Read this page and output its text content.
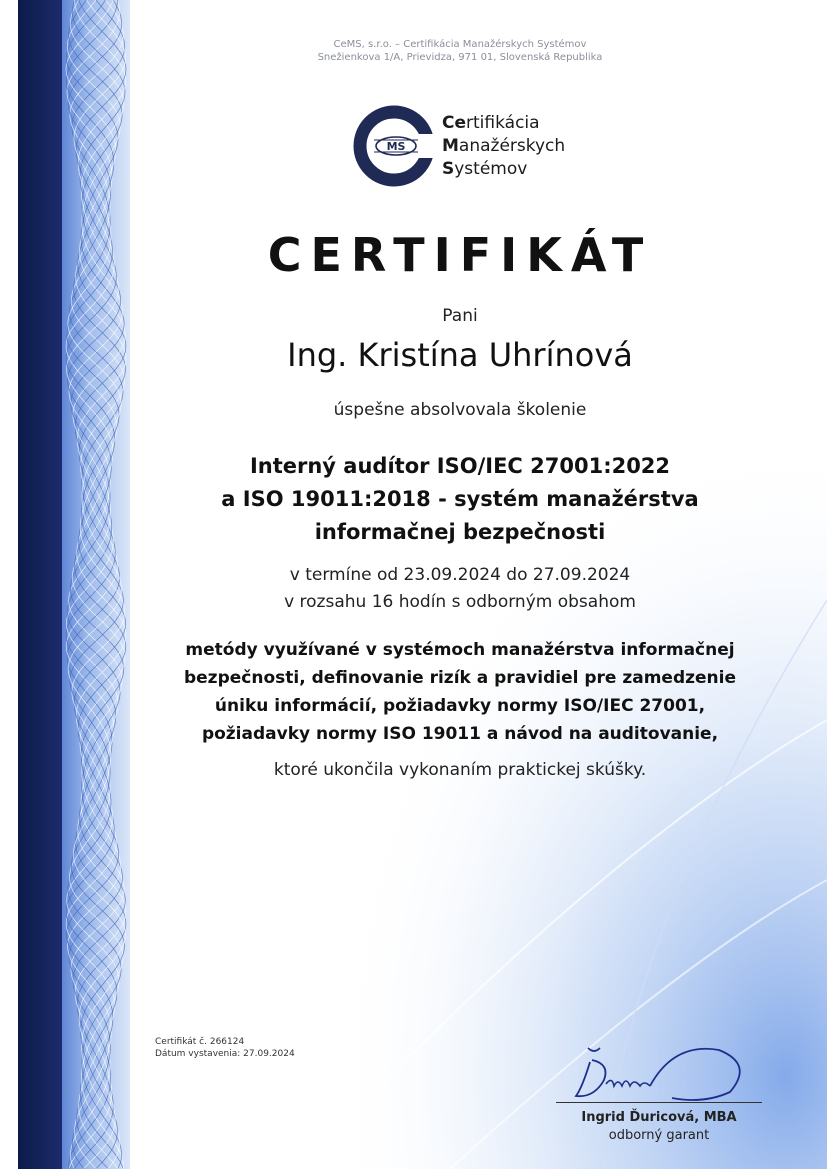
CeMS, s.r.o. – Certifikácia Manažérskych Systémov
Snežienkova 1/A, Prievidza, 971 01, Slovenská Republika
MS
Certifikácia
Manažérskych
Systémov
CERTIFIKÁT
Pani
Ing. Kristína Uhrínová
úspešne absolvovala školenie
Interný audítor ISO/IEC 27001:2022
a ISO 19011:2018 - systém manažérstva
informačnej bezpečnosti
v termíne od 23.09.2024 do 27.09.2024
v rozsahu 16 hodín s odborným obsahom
metódy využívané v systémoch manažérstva informačnej
bezpečnosti, definovanie rizík a pravidiel pre zamedzenie
úniku informácií, požiadavky normy ISO/IEC 27001,
požiadavky normy ISO 19011 a návod na auditovanie,
ktoré ukončila vykonaním praktickej skúšky.
Certifikát č. 266124
Dátum vystavenia: 27.09.2024
Ingrid Ďuricová, MBA
odborný garant
